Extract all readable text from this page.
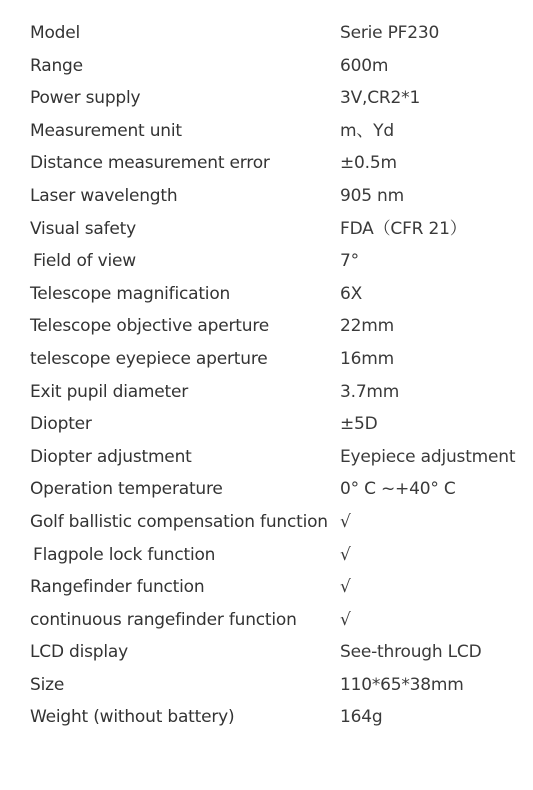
Model	Serie PF230
Range	600m
Power supply	3V,CR2*1
Measurement unit	m、Yd
Distance measurement error	±0.5m
Laser wavelength	905 nm
Visual safety	FDA（CFR 21）
Field of view	7°
Telescope magnification	6X
Telescope objective aperture	22mm
telescope eyepiece aperture	16mm
Exit pupil diameter	3.7mm
Diopter	±5D
Diopter adjustment	Eyepiece adjustment
Operation temperature	0° C ~+40° C
Golf ballistic compensation function √
Flagpole lock function	√
Rangefinder function	√
continuous rangefinder function	√
LCD display	See-through LCD
Size	110*65*38mm
Weight (without battery)	164g
